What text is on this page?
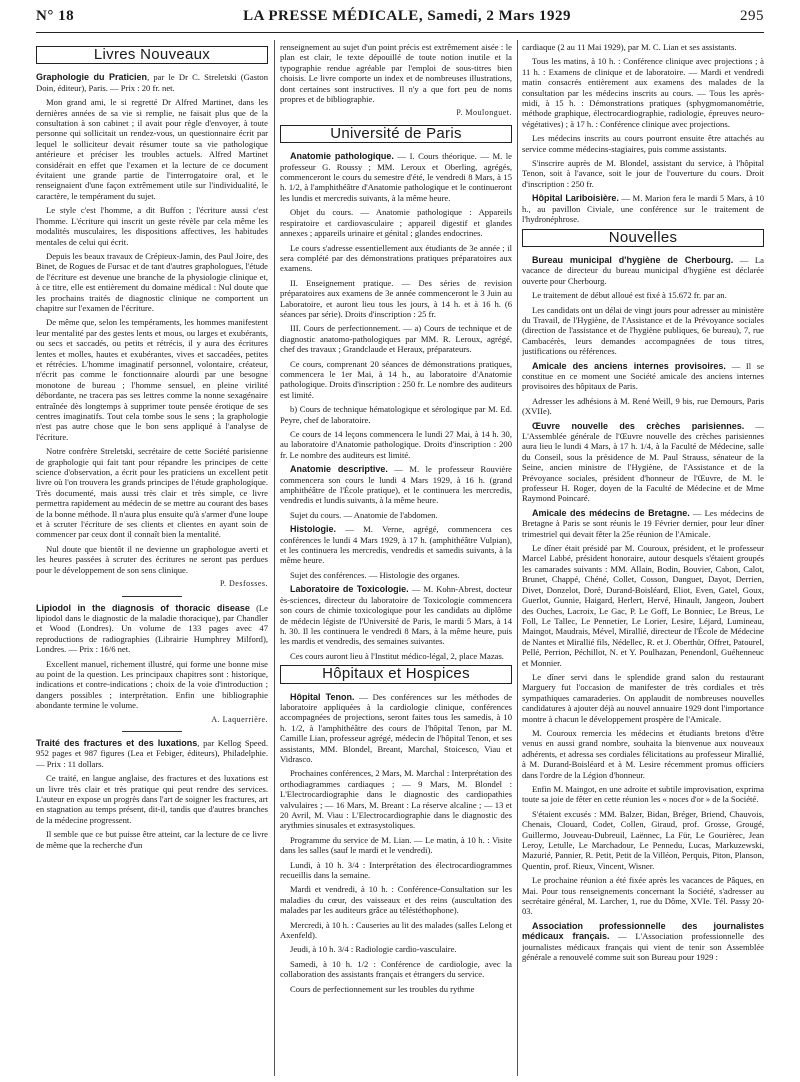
N° 18	LA PRESSE MÉDICALE, Samedi, 2 Mars 1929	295
Livres Nouveaux

Graphologie du Praticien, par le Dr C. Streletski (Gaston Doin, éditeur), Paris. — Prix : 20 fr. net.

Mon grand ami, le si regretté Dr Alfred Martinet, dans les dernières années de sa vie si remplie, ne faisait plus que de la consultation à son cabinet ; il avait pour règle d'envoyer, à toute personne qui sollicitait un rendez-vous, un questionnaire écrit par lequel le solliciteur devait résumer toute sa vie pathologique antérieure et préciser les troubles actuels. Alfred Martinet considérait en effet que l'examen et la lecture de ce document évitaient une grande partie de l'interrogatoire oral, et le renseignaient d'une façon extrêmement utile sur l'individualité, le caractère, le tempérament du sujet.

Le style c'est l'homme, a dit Buffon ; l'écriture aussi c'est l'homme. L'écriture qui inscrit un geste révèle par cela même les modalités musculaires, les dispositions affectives, les habitudes mentales de celui qui écrit.

Depuis les beaux travaux de Crépieux-Jamin, des Paul Joire, des Binet, de Rogues de Fursac et de tant d'autres graphologues, l'étude de l'écriture est devenue une branche de la physiologie clinique et, à ce titre, elle est entièrement du domaine médical : Nul doute que les prochains traités de diagnostic clinique ne comportent un chapitre sur l'examen de l'écriture.

De même que, selon les tempéraments, les hommes manifestent leur mentalité par des gestes lents et mous, ou larges et exubérants, ou secs et saccadés, ou petits et rétrécis, il y aura des écritures lentes et molles, hautes et exubérantes, vives et saccadées, petites et rétrécies. L'homme imaginatif personnel, volontaire, créateur, n'écrit pas comme le fonctionnaire alourdi par une besogne monotone de bureau ; l'homme sensuel, en pleine virilité débordante, ne tracera pas ses lettres comme la nonne sexagénaire entraînée dès longtemps à supprimer toute pensée érotique de ses centres imaginatifs. Tout cela tombe sous le sens ; la graphologie n'est pas autre chose que le bon sens appliqué à l'analyse de l'écriture.

Notre confrère Streletski, secrétaire de cette Société parisienne de graphologie qui fait tant pour répandre les principes de cette science d'observation, a écrit pour les praticiens un excellent petit livre où l'on trouvera les grands principes de l'étude graphologique. Très documenté, mais aussi très clair et très simple, ce livre permettra rapidement au médecin de se mettre au courant des bases de la bonne méthode. Il n'aura plus ensuite qu'à s'armer d'une loupe et à scruter l'écriture de ses clients et clientes en ayant soin de commencer par ceux dont il connaît bien la mentalité.

Nul doute que bientôt il ne devienne un graphologue averti et les heures passées à scruter des écritures ne seront pas perdues pour le développement de son sens clinique.

P. Desfosses.

Lipiodol in the diagnosis of thoracic disease (Le lipiodol dans le diagnostic de la maladie thoracique), par Chandler et Wood (Londres). Un volume de 133 pages avec 47 reproductions de radiographies (Librairie Humphrey Milford), Londres. — Prix : 16/6 net.

Excellent manuel, richement illustré, qui forme une bonne mise au point de la question. Les principaux chapitres sont : historique, indications et contre-indications ; choix de la voie d'introduction ; dangers possibles ; interprétation. Enfin une bibliographie abondante termine le volume.

A. Laquerrière.

Traité des fractures et des luxations, par Kellog Speed. 952 pages et 987 figures (Lea et Febiger, éditeurs), Philadelphie. — Prix : 11 dollars.

Ce traité, en langue anglaise, des fractures et des luxations est un livre très clair et très pratique qui peut rendre des services. L'auteur en expose un progrès dans l'art de soigner les fractures, art en stagnation au temps présent, dit-il, tandis que d'autres branches de la médecine progressent.

Il semble que ce but puisse être atteint, car la lecture de ce livre de même que la recherche d'un

renseignement au sujet d'un point précis est extrêmement aisée : le plan est clair, le texte dépouillé de toute notion inutile et la typographie rendue agréable par l'emploi de sous-titres bien choisis. Le livre comporte un index et de nombreuses illustrations, dont certaines sont instructives. Il n'y a que fort peu de noms propres et de bibliographie.

P. Moulonguet.
Université de Paris

Anatomie pathologique. — I. Cours théorique. — M. le professeur G. Roussy ; MM. Leroux et Oberling, agrégés, commenceront le cours du semestre d'été, le vendredi 8 Mars, à 15 h. 1/2, à l'amphithéâtre d'Anatomie pathologique et le continueront les lundis et mercredis suivants, à la même heure.

Objet du cours. — Anatomie pathologique : Appareils respiratoire et cardiovasculaire ; appareil digestif et glandes annexes ; appareils urinaire et génital ; glandes endocrines.

Le cours s'adresse essentiellement aux étudiants de 3e année ; il sera complété par des démonstrations pratiques préparatoires aux examens.

II. Enseignement pratique. — Des séries de revision préparatoires aux examens de 3e année commenceront le 3 Juin au Laboratoire, et auront lieu tous les jours, à 14 h. et à 16 h. (6 séances par série). Droits d'inscription : 25 fr.

III. Cours de perfectionnement. — a) Cours de technique et de diagnostic anatomo-pathologiques par MM. R. Leroux, agrégé, chef des travaux ; Grandclaude et Heraux, préparateurs.

Ce cours, comprenant 20 séances de démonstrations pratiques, commencera le 1er Mai, à 14 h., au laboratoire d'Anatomie pathologique. Droits d'inscription : 250 fr. Le nombre des auditeurs est limité.

b) Cours de technique hématologique et sérologique par M. Ed. Peyre, chef de laboratoire.

Ce cours de 14 leçons commencera le lundi 27 Mai, à 14 h. 30, au laboratoire d'Anatomie pathologique. Droits d'inscription : 200 fr. Le nombre des auditeurs est limité.

Anatomie descriptive. — M. le professeur Rouvière commencera son cours le lundi 4 Mars 1929, à 16 h. (grand amphithéâtre de l'École pratique), et le continuera les mercredis, vendredis et lundis suivants, à la même heure.

Sujet du cours. — Anatomie de l'abdomen.

Histologie. — M. Verne, agrégé, commencera ces conférences le lundi 4 Mars 1929, à 17 h. (amphithéâtre Vulpian), et les continuera les mercredis, vendredis et samedis suivants, à la même heure.

Sujet des conférences. — Histologie des organes.

Laboratoire de Toxicologie. — M. Kohn-Abrest, docteur ès-sciences, directeur du laboratoire de Toxicologie commencera son cours de chimie toxicologique pour les candidats au diplôme de médecin légiste de l'Université de Paris, le mardi 5 Mars, à 14 h. 30. Il les continuera le vendredi 8 Mars, à la même heure, puis les mardis et vendredis, des semaines suivantes.

Ces cours auront lieu à l'Institut médico-légal, 2, place Mazas.

Hôpitaux et Hospices

Hôpital Tenon. — Des conférences sur les méthodes de laboratoire appliquées à la cardiologie clinique, conférences accompagnées de projections, seront faites tous les samedis, à 10 h. 1/2, à l'amphithéâtre des cours de l'hôpital Tenon, par M. Camille Lian, professeur agrégé, médecin de l'hôpital Tenon, et ses assistants, MM. Blondel, Breant, Marchal, Stoicesco, Viau et Vidrasco.

Prochaines conférences, 2 Mars, M. Marchal : Interprétation des orthodiagrammes cardiaques ; — 9 Mars, M. Blondel : L'Electrocardiographie dans le diagnostic des cardiopathies valvulaires ; — 16 Mars, M. Breant : La réserve alcaline ; — 13 et 20 Avril, M. Viau : L'Electrocardiographie dans le diagnostic des arythmies sinusales et extrasystoliques.

Programme du service de M. Lian. — Le matin, à 10 h. : Visite dans les salles (sauf le mardi et le vendredi).

Lundi, à 10 h. 3/4 : Interprétation des électrocardiogrammes recueillis dans la semaine.

Mardi et vendredi, à 10 h. : Conférence-Consultation sur les maladies du cœur, des vaisseaux et des reins (auscultation des malades par les auditeurs grâce au téléstéthophone).

Mercredi, à 10 h. : Causeries au lit des malades (salles Lelong et Axenfeld).

Jeudi, à 10 h. 3/4 : Radiologie cardio-vasculaire.

Samedi, à 10 h. 1/2 : Conférence de cardiologie, avec la collaboration des assistants français et étrangers du service.

Cours de perfectionnement sur les troubles du rythme

cardiaque (2 au 11 Mai 1929), par M. C. Lian et ses assistants.

Tous les matins, à 10 h. : Conférence clinique avec projections ; à 11 h. : Examens de clinique et de laboratoire. — Mardi et vendredi matin consacrés entièrement aux examens des malades de la consultation par les médecins inscrits au cours. — Tous les après-midi, à 15 h. : Démonstrations pratiques (sphygmomanométrie, méthode graphique, électrocardiographie, radiologie, épreuves neuro-végétatives) ; à 17 h. : Conférence clinique avec projections.

Les médecins inscrits au cours pourront ensuite être attachés au service comme médecins-stagiaires, puis comme assistants.

S'inscrire auprès de M. Blondel, assistant du service, à l'hôpital Tenon, soit à l'avance, soit le jour de l'ouverture du cours. Droit d'inscription : 250 fr.

Hôpital Lariboisière. — M. Marion fera le mardi 5 Mars, à 10 h., au pavillon Civiale, une conférence sur le traitement de l'hydronéphrose.

Nouvelles

Bureau municipal d'hygiène de Cherbourg. — La vacance de directeur du bureau municipal d'hygiène est déclarée ouverte pour Cherbourg.

Le traitement de début alloué est fixé à 15.672 fr. par an.

Les candidats ont un délai de vingt jours pour adresser au ministère du Travail, de l'Hygiène, de l'Assistance et de la Prévoyance sociales (direction de l'assistance et de l'hygiène publiques, 6e bureau), 7, rue Cambacérès, leurs demandes accompagnées de tous titres, justifications ou références.

Amicale des anciens internes provisoires. — Il se constitue en ce moment une Société amicale des anciens internes provisoires des hôpitaux de Paris.

Adresser les adhésions à M. René Weill, 9 bis, rue Demours, Paris (XVIIe).

Œuvre nouvelle des crèches parisiennes. — L'Assemblée générale de l'Œuvre nouvelle des crèches parisiennes aura lieu le lundi 4 Mars, à 17 h. 1/4, à la Faculté de Médecine, salle du Conseil, sous la présidence de M. Paul Strauss, sénateur de la Seine, ancien ministre de l'Hygiène, de l'Assistance et de la Prévoyance sociales, président d'honneur de l'Œuvre, de M. le professeur H. Roger, doyen de la Faculté de Médecine et de Mme Raymond Poincaré.

Amicale des médecins de Bretagne. — Les médecins de Bretagne à Paris se sont réunis le 19 Février dernier, pour leur dîner trimestriel qui devait fêter la 25e réunion de l'Amicale.

Le dîner était présidé par M. Couroux, président, et le professeur Marcel Labbé, président honoraire, autour desquels s'étaient groupés les camarades suivants : MM. Allain, Bodin, Bouvier, Cabon, Calot, Brunet, Chappé, Chéné, Collet, Cosson, Danguet, Dayot, Derrien, Divet, Donzelot, Doré, Durand-Boisléard, Eliot, Even, Gatel, Goux, Guerlot, Gunnie, Haigard, Herlert, Hervé, Hinault, Jangeon, Joubert des Ouches, Lacroix, Le Gac, P. Le Goff, Le Bonniec, Le Breus, Le Foll, Le Tallec, Le Pennetier, Le Lorier, Lesire, Léjard, Lumineau, Maingot, Maudrais, Mével, Mirallié, directeur de l'École de Médecine de Nantes et Mirallié fils, Nédellec, R. et J. Oberthür, Offret, Patourel, Pellé, Perrion, Péchillot, N. et Y. Poulhazan, Penendonl, Guéhenneuc et Monnier.

Le dîner servi dans le splendide grand salon du restaurant Marguery fut l'occasion de manifester de très cordiales et très sympathiques camaraderies. On applaudit de nombreuses nouvelles candidatures à ajouter déjà au nouvel annuaire 1929 dont l'importance montre à chacun le développement prospère de l'Amicale.

M. Couroux remercia les médecins et étudiants bretons d'être venus en aussi grand nombre, souhaita la bienvenue aux nouveaux adhérents, et adressa ses cordiales félicitations au professeur Mirallié, à M. Durand-Boisléard et à M. Lesire récemment promus officiers dans l'ordre de la Légion d'honneur.

Enfin M. Maingot, en une adroite et subtile improvisation, exprima toute sa joie de fêter en cette réunion les « noces d'or » de la Société.

S'étaient excusés : MM. Balzer, Bidan, Bréger, Briend, Chauvois, Chenais, Clouard, Codet, Collen, Giraud, prof. Grosse, Grougé, Guillermo, Jouveau-Dubreuil, Laënnec, La Für, Le Gourièrec, Jean Leroy, Letulle, Le Marchadour, Le Pennedu, Lucas, Markuzewski, Mazurié, Pannier, R. Petit, Petit de la Villéon, Perquis, Piton, Planson, Quentin, prof. Rieux, Vincent, Wisner.

Le prochaine réunion a été fixée après les vacances de Pâques, en Mai. Pour tous renseignements concernant la Société, s'adresser au secrétaire général, M. Larcher, 1, rue du Dôme, XVIe. Tél. Passy 20-03.

Association professionnelle des journalistes médicaux français. — L'Association professionnelle des journalistes médicaux français qui vient de tenir son Assemblée générale a renouvelé comme suit son Bureau pour 1929 :
